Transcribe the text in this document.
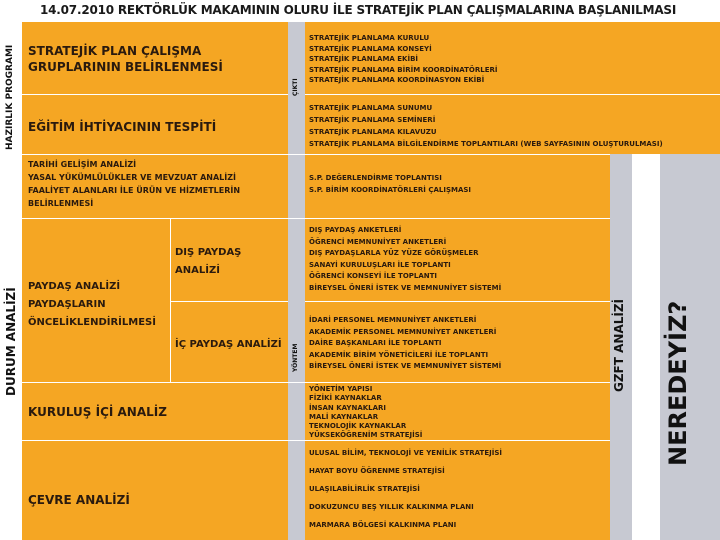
14.07.2010 REKTÖRLÜK MAKAMININ OLURU İLE STRATEJİK PLAN ÇALIŞMALARINA BAŞLANILMASI
HAZIRLIK PROGRAMI
DURUM ANALİZİ
ÇIKTI
YÖNTEM	GZFT ANALİZİ NEREDEYİZ?
STRATEJİK PLAN ÇALIŞMA GRUPLARININ BELİRLENMESİ
EĞİTİM İHTİYACININ TESPİTİ
TARİHİ GELİŞİM ANALİZİ
YASAL YÜKÜMLÜLÜKLER VE MEVZUAT ANALİZİ
FAALİYET ALANLARI İLE ÜRÜN VE HİZMETLERİN BELİRLENMESİ
PAYDAŞ ANALİZİ
PAYDAŞLARIN ÖNCELİKLENDİRİLMESİ
DIŞ PAYDAŞ ANALİZİ
İÇ PAYDAŞ ANALİZİ
KURULUŞ İÇİ ANALİZ
ÇEVRE ANALİZİ
STRATEJİK PLANLAMA KURULU
STRATEJİK PLANLAMA KONSEYİ
STRATEJİK PLANLAMA EKİBİ
STRATEJİK PLANLAMA BİRİM KOORDİNATÖRLERİ
STRATEJİK PLANLAMA KOORDİNASYON EKİBİ
STRATEJİK PLANLAMA SUNUMU
STRATEJİK PLANLAMA SEMİNERİ
STRATEJİK PLANLAMA KILAVUZU
STRATEJİK PLANLAMA BİLGİLENDİRME TOPLANTILARI (WEB SAYFASININ OLUŞTURULMASI)
S.P. DEĞERLENDİRME TOPLANTISI
S.P. BİRİM KOORDİNATÖRLERİ ÇALIŞMASI
DIŞ PAYDAŞ ANKETLERİ
ÖĞRENCİ MEMNUNİYET ANKETLERİ
DIŞ PAYDAŞLARLA YÜZ YÜZE GÖRÜŞMELER
SANAYİ KURULUŞLARI İLE TOPLANTI
ÖĞRENCİ KONSEYİ İLE TOPLANTI
BİREYSEL ÖNERİ İSTEK VE MEMNUNİYET SİSTEMİ
İDARİ PERSONEL MEMNUNİYET ANKETLERİ
AKADEMİK PERSONEL MEMNUNİYET ANKETLERİ
DAİRE BAŞKANLARI İLE TOPLANTI
AKADEMİK BİRİM YÖNETİCİLERİ İLE TOPLANTI
BİREYSEL ÖNERİ İSTEK VE MEMNUNİYET SİSTEMİ
YÖNETİM YAPISI
FİZİKİ KAYNAKLAR
İNSAN KAYNAKLARI
MALİ KAYNAKLAR
TEKNOLOJİK KAYNAKLAR
YÜKSEKÖĞRENİM STRATEJİSİ
ULUSAL BİLİM, TEKNOLOJİ VE YENİLİK STRATEJİSİ
HAYAT BOYU ÖĞRENME STRATEJİSİ
ULAŞILABİLİRLİK STRATEJİSİ
DOKUZUNCU BEŞ YILLIK KALKINMA PLANI
MARMARA BÖLGESİ KALKINMA PLANI
